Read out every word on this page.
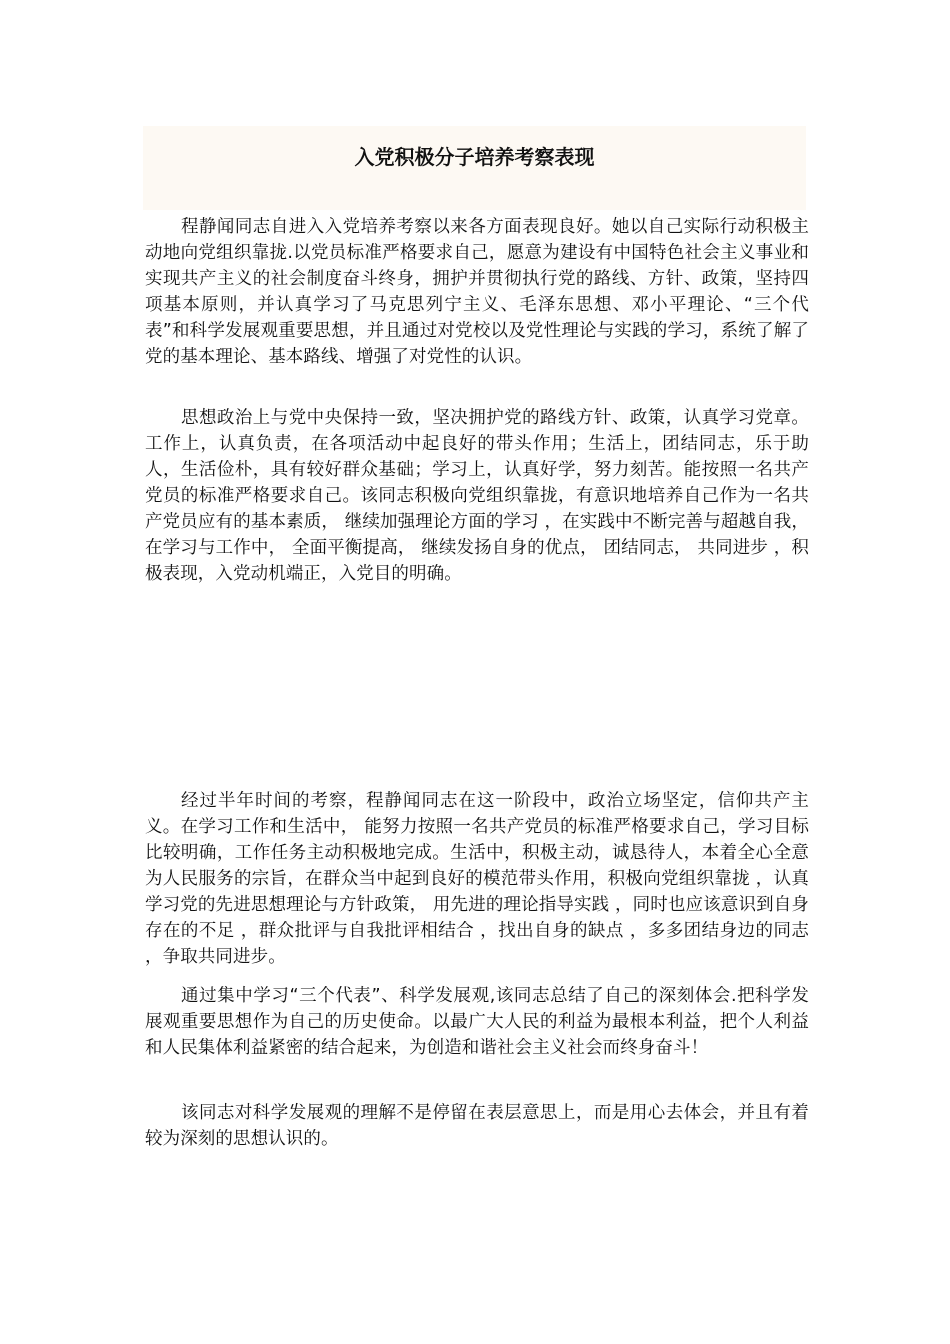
入党积极分子培养考察表现

程静闻同志自进入入党培养考察以来各方面表现良好。她以自己实际行动积极主动地向党组织靠拢.以党员标准严格要求自己，愿意为建设有中国特色社会主义事业和实现共产主义的社会制度奋斗终身，拥护并贯彻执行党的路线、方针、政策，坚持四项基本原则，并认真学习了马克思列宁主义、毛泽东思想、邓小平理论、“三个代表”和科学发展观重要思想，并且通过对党校以及党性理论与实践的学习，系统了解了党的基本理论、基本路线、增强了对党性的认识。

思想政治上与党中央保持一致，坚决拥护党的路线方针、政策，认真学习党章。工作上，认真负责，在各项活动中起良好的带头作用；生活上，团结同志，乐于助人，生活俭朴，具有较好群众基础；学习上，认真好学，努力刻苦。能按照一名共产党员的标准严格要求自己。该同志积极向党组织靠拢，有意识地培养自己作为一名共产党员应有的基本素质， 继续加强理论方面的学习 ，在实践中不断完善与超越自我， 在学习与工作中， 全面平衡提高， 继续发扬自身的优点， 团结同志， 共同进步 ，积极表现，入党动机端正，入党目的明确。

经过半年时间的考察，程静闻同志在这一阶段中，政治立场坚定，信仰共产主义。在学习工作和生活中， 能努力按照一名共产党员的标准严格要求自己，学习目标比较明确，工作任务主动积极地完成。生活中，积极主动，诚恳待人，本着全心全意为人民服务的宗旨，在群众当中起到良好的模范带头作用，积极向党组织靠拢 ，认真学习党的先进思想理论与方针政策， 用先进的理论指导实践 ，同时也应该意识到自身存在的不足 ，群众批评与自我批评相结合 ，找出自身的缺点 ，多多团结身边的同志 ，争取共同进步。

通过集中学习“三个代表”、科学发展观,该同志总结了自己的深刻体会.把科学发展观重要思想作为自己的历史使命。以最广大人民的利益为最根本利益，把个人利益和人民集体利益紧密的结合起来，为创造和谐社会主义社会而终身奋斗！

该同志对科学发展观的理解不是停留在表层意思上，而是用心去体会，并且有着较为深刻的思想认识的。
